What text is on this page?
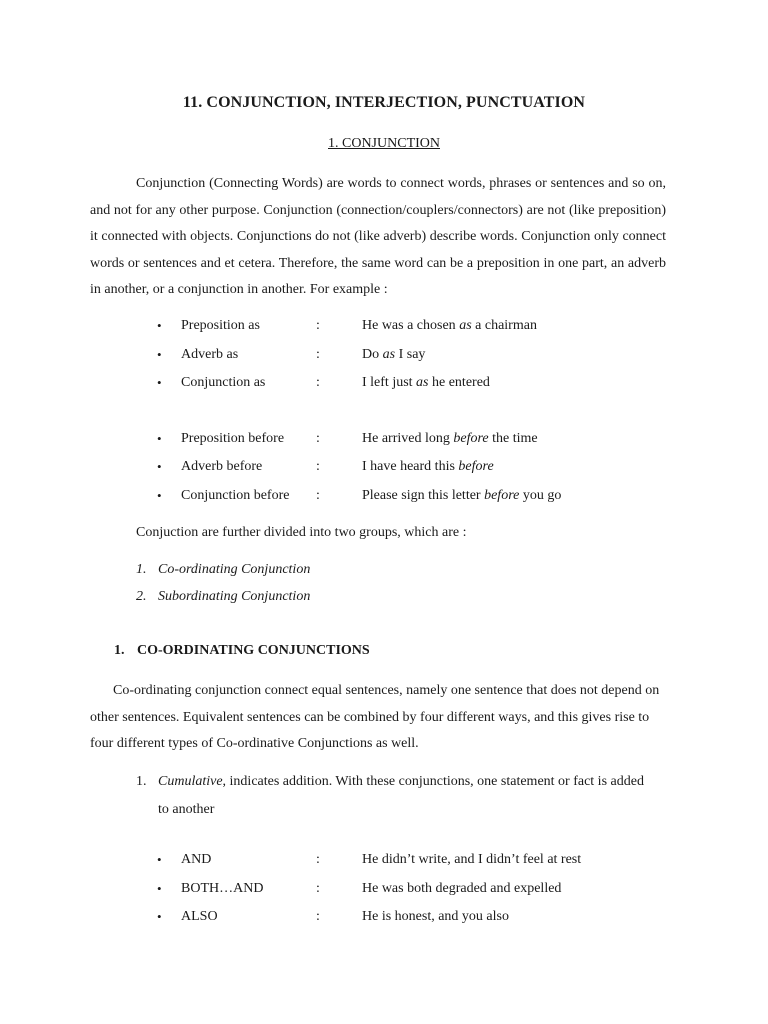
11. CONJUNCTION, INTERJECTION, PUNCTUATION
1. CONJUNCTION
Conjunction (Connecting Words) are words to connect words, phrases or sentences and so on, and not for any other purpose. Conjunction (connection/couplers/connectors) are not (like preposition) it connected with objects. Conjunctions do not (like adverb) describe words. Conjunction only connect words or sentences and et cetera. Therefore, the same word can be a preposition in one part, an adverb in another, or a conjunction in another. For example :
• Preposition as	:	He was a chosen as a chairman
• Adverb as	:	Do as I say
• Conjunction as	:	I left just as he entered
• Preposition before :	He arrived long before the time
• Adverb before	:	I have heard this before
• Conjunction before :	Please sign this letter before you go
Conjuction are further divided into two groups, which are :
1. Co-ordinating Conjunction
2. Subordinating Conjunction
1. CO-ORDINATING CONJUNCTIONS
Co-ordinating conjunction connect equal sentences, namely one sentence that does not depend on other sentences. Equivalent sentences can be combined by four different ways, and this gives rise to four different types of Co-ordinative Conjunctions as well.
1. Cumulative, indicates addition. With these conjunctions, one statement or fact is added to another
• AND	:	He didn’t write, and I didn’t feel at rest
• BOTH…AND	:	He was both degraded and expelled
• ALSO	:	He is honest, and you also
